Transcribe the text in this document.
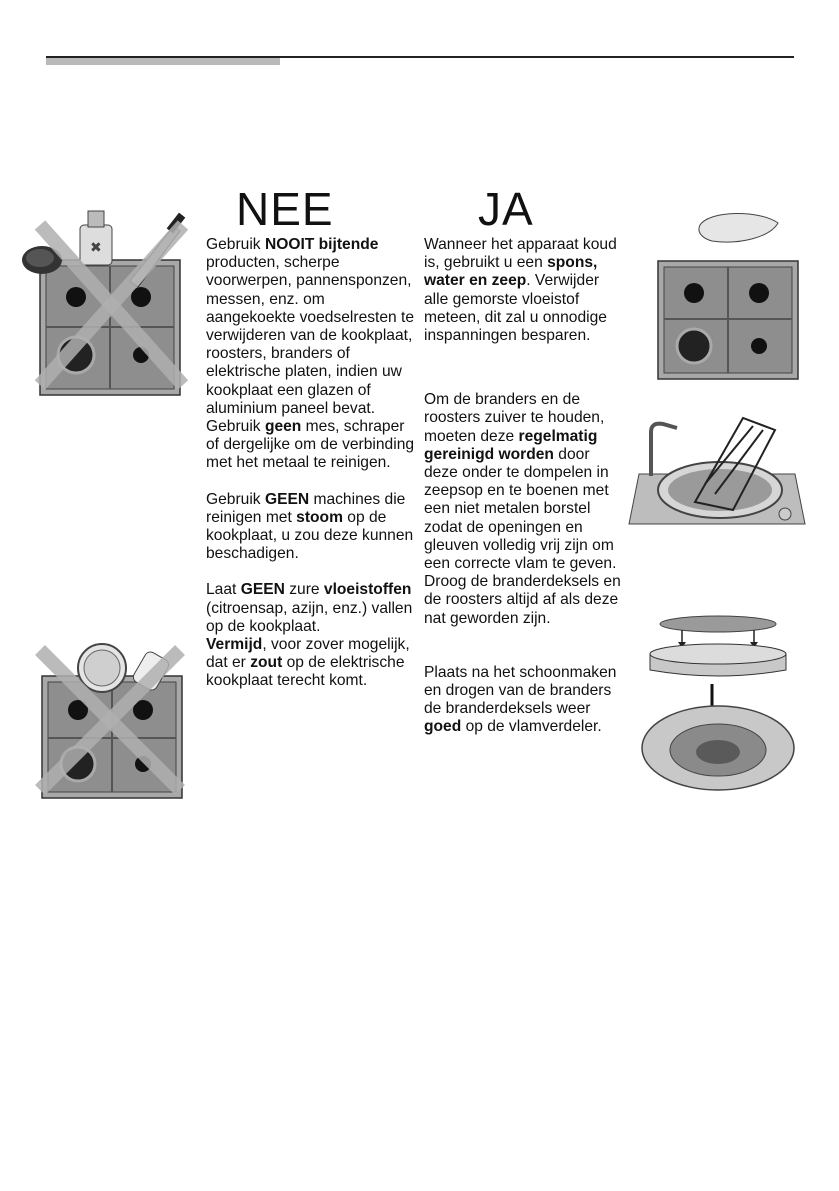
NEE	JA

Gebruik NOOIT bijtende producten, scherpe voorwerpen, pannensponzen, messen, enz. om aangekoekte voedselresten te verwijderen van de kookplaat, roosters, branders of elektrische platen, indien uw kookplaat een glazen of aluminium paneel bevat. Gebruik geen mes, schraper of dergelijke om de verbinding met het metaal te reinigen.

Gebruik GEEN machines die reinigen met stoom op de kookplaat, u zou deze kunnen beschadigen.

Laat GEEN zure vloeistoffen (citroensap, azijn, enz.) vallen op de kookplaat.

Vermijd, voor zover mogelijk, dat er zout op de elektrische kookplaat terecht komt.

Wanneer het apparaat koud is, gebruikt u een spons, water en zeep. Verwijder alle gemorste vloeistof meteen, dit zal u onnodige inspanningen besparen.

Om de branders en de roosters zuiver te houden, moeten deze regelmatig gereinigd worden door deze onder te dompelen in zeepsop en te boenen met een niet metalen borstel zodat de openingen en gleuven volledig vrij zijn om een correcte vlam te geven. Droog de branderdeksels en de roosters altijd af als deze nat geworden zijn.

Plaats na het schoonmaken en drogen van de branders de branderdeksels weer goed op de vlamverdeler.

✖
